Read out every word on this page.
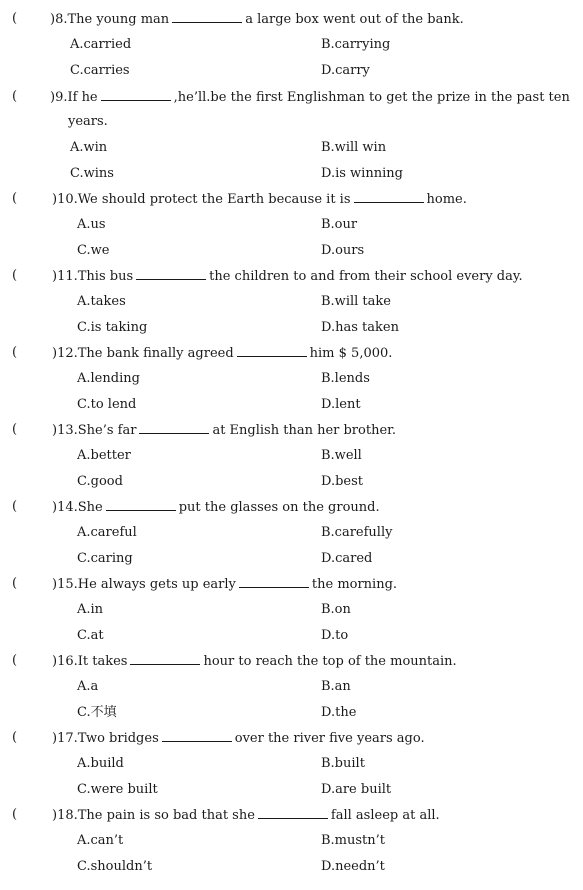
(	)8.The young man	a large box went out of the bank.
A.carried	B.carrying
C.carries	D.carry
(	)9.If he	,he’ll.be the first Englishman to get the prize in the past ten
years.
A.win	B.will win
C.wins	D.is winning
(	)10.We should protect the Earth because it is	home.
A.us	B.our
C.we	D.ours
(	)11.This bus	the children to and from their school every day.
A.takes	B.will take
C.is taking	D.has taken
(	)12.The bank finally agreed	him $ 5,000.
A.lending	B.lends
C.to lend	D.lent
(	)13.She’s far	at English than her brother.
A.better	B.well
C.good	D.best
(	)14.She	put the glasses on the ground.
A.careful	B.carefully
C.caring	D.cared
(	)15.He always gets up early	the morning.
A.in	B.on
C.at	D.to
(	)16.It takes	hour to reach the top of the mountain.
A.a	B.an
C.不填	D.the
(	)17.Two bridges	over the river five years ago.
A.build	B.built
C.were built	D.are built
(	)18.The pain is so bad that she	fall asleep at all.
A.can’t	B.mustn’t
C.shouldn’t	D.needn’t
